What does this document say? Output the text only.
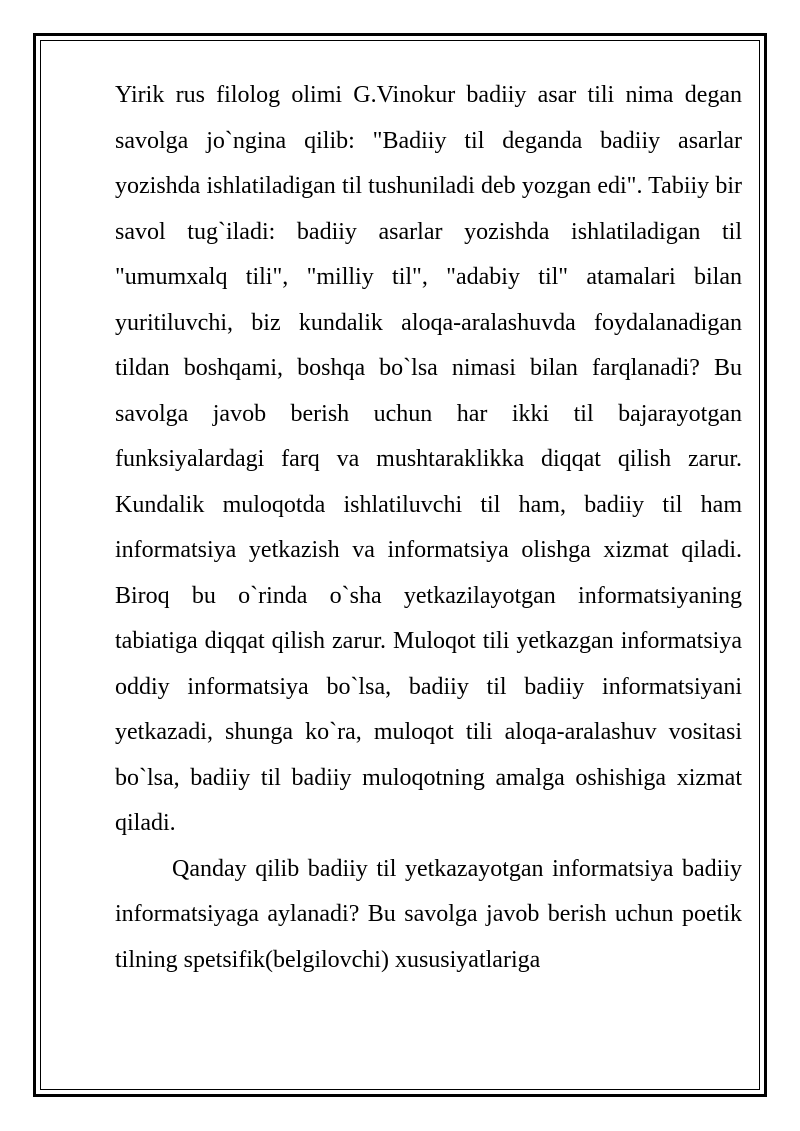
Yirik rus filolog olimi G.Vinokur badiiy asar tili nima degan savolga jo`ngina qilib: "Badiiy til deganda badiiy asarlar yozishda ishlatiladigan til tushuniladi deb yozgan edi". Tabiiy bir savol tug`iladi: badiiy asarlar yozishda ishlatiladigan til "umumxalq tili", "milliy til", "adabiy til" atamalari bilan yuritiluvchi, biz kundalik aloqa-aralashuvda foydalanadigan tildan boshqami, boshqa bo`lsa nimasi bilan farqlanadi? Bu savolga javob berish uchun har ikki til bajarayotgan funksiyalardagi farq va mushtaraklikka diqqat qilish zarur. Kundalik muloqotda ishlatiluvchi til ham, badiiy til ham informatsiya yetkazish va informatsiya olishga xizmat qiladi. Biroq bu o`rinda o`sha yetkazilayotgan informatsiyaning tabiatiga diqqat qilish zarur. Muloqot tili yetkazgan informatsiya oddiy informatsiya bo`lsa, badiiy til badiiy informatsiyani yetkazadi, shunga ko`ra, muloqot tili aloqa-aralashuv vositasi bo`lsa, badiiy til badiiy muloqotning amalga oshishiga xizmat qiladi.

Qanday qilib badiiy til yetkazayotgan informatsiya badiiy informatsiyaga aylanadi? Bu savolga javob berish uchun poetik tilning spetsifik(belgilovchi) xususiyatlariga
